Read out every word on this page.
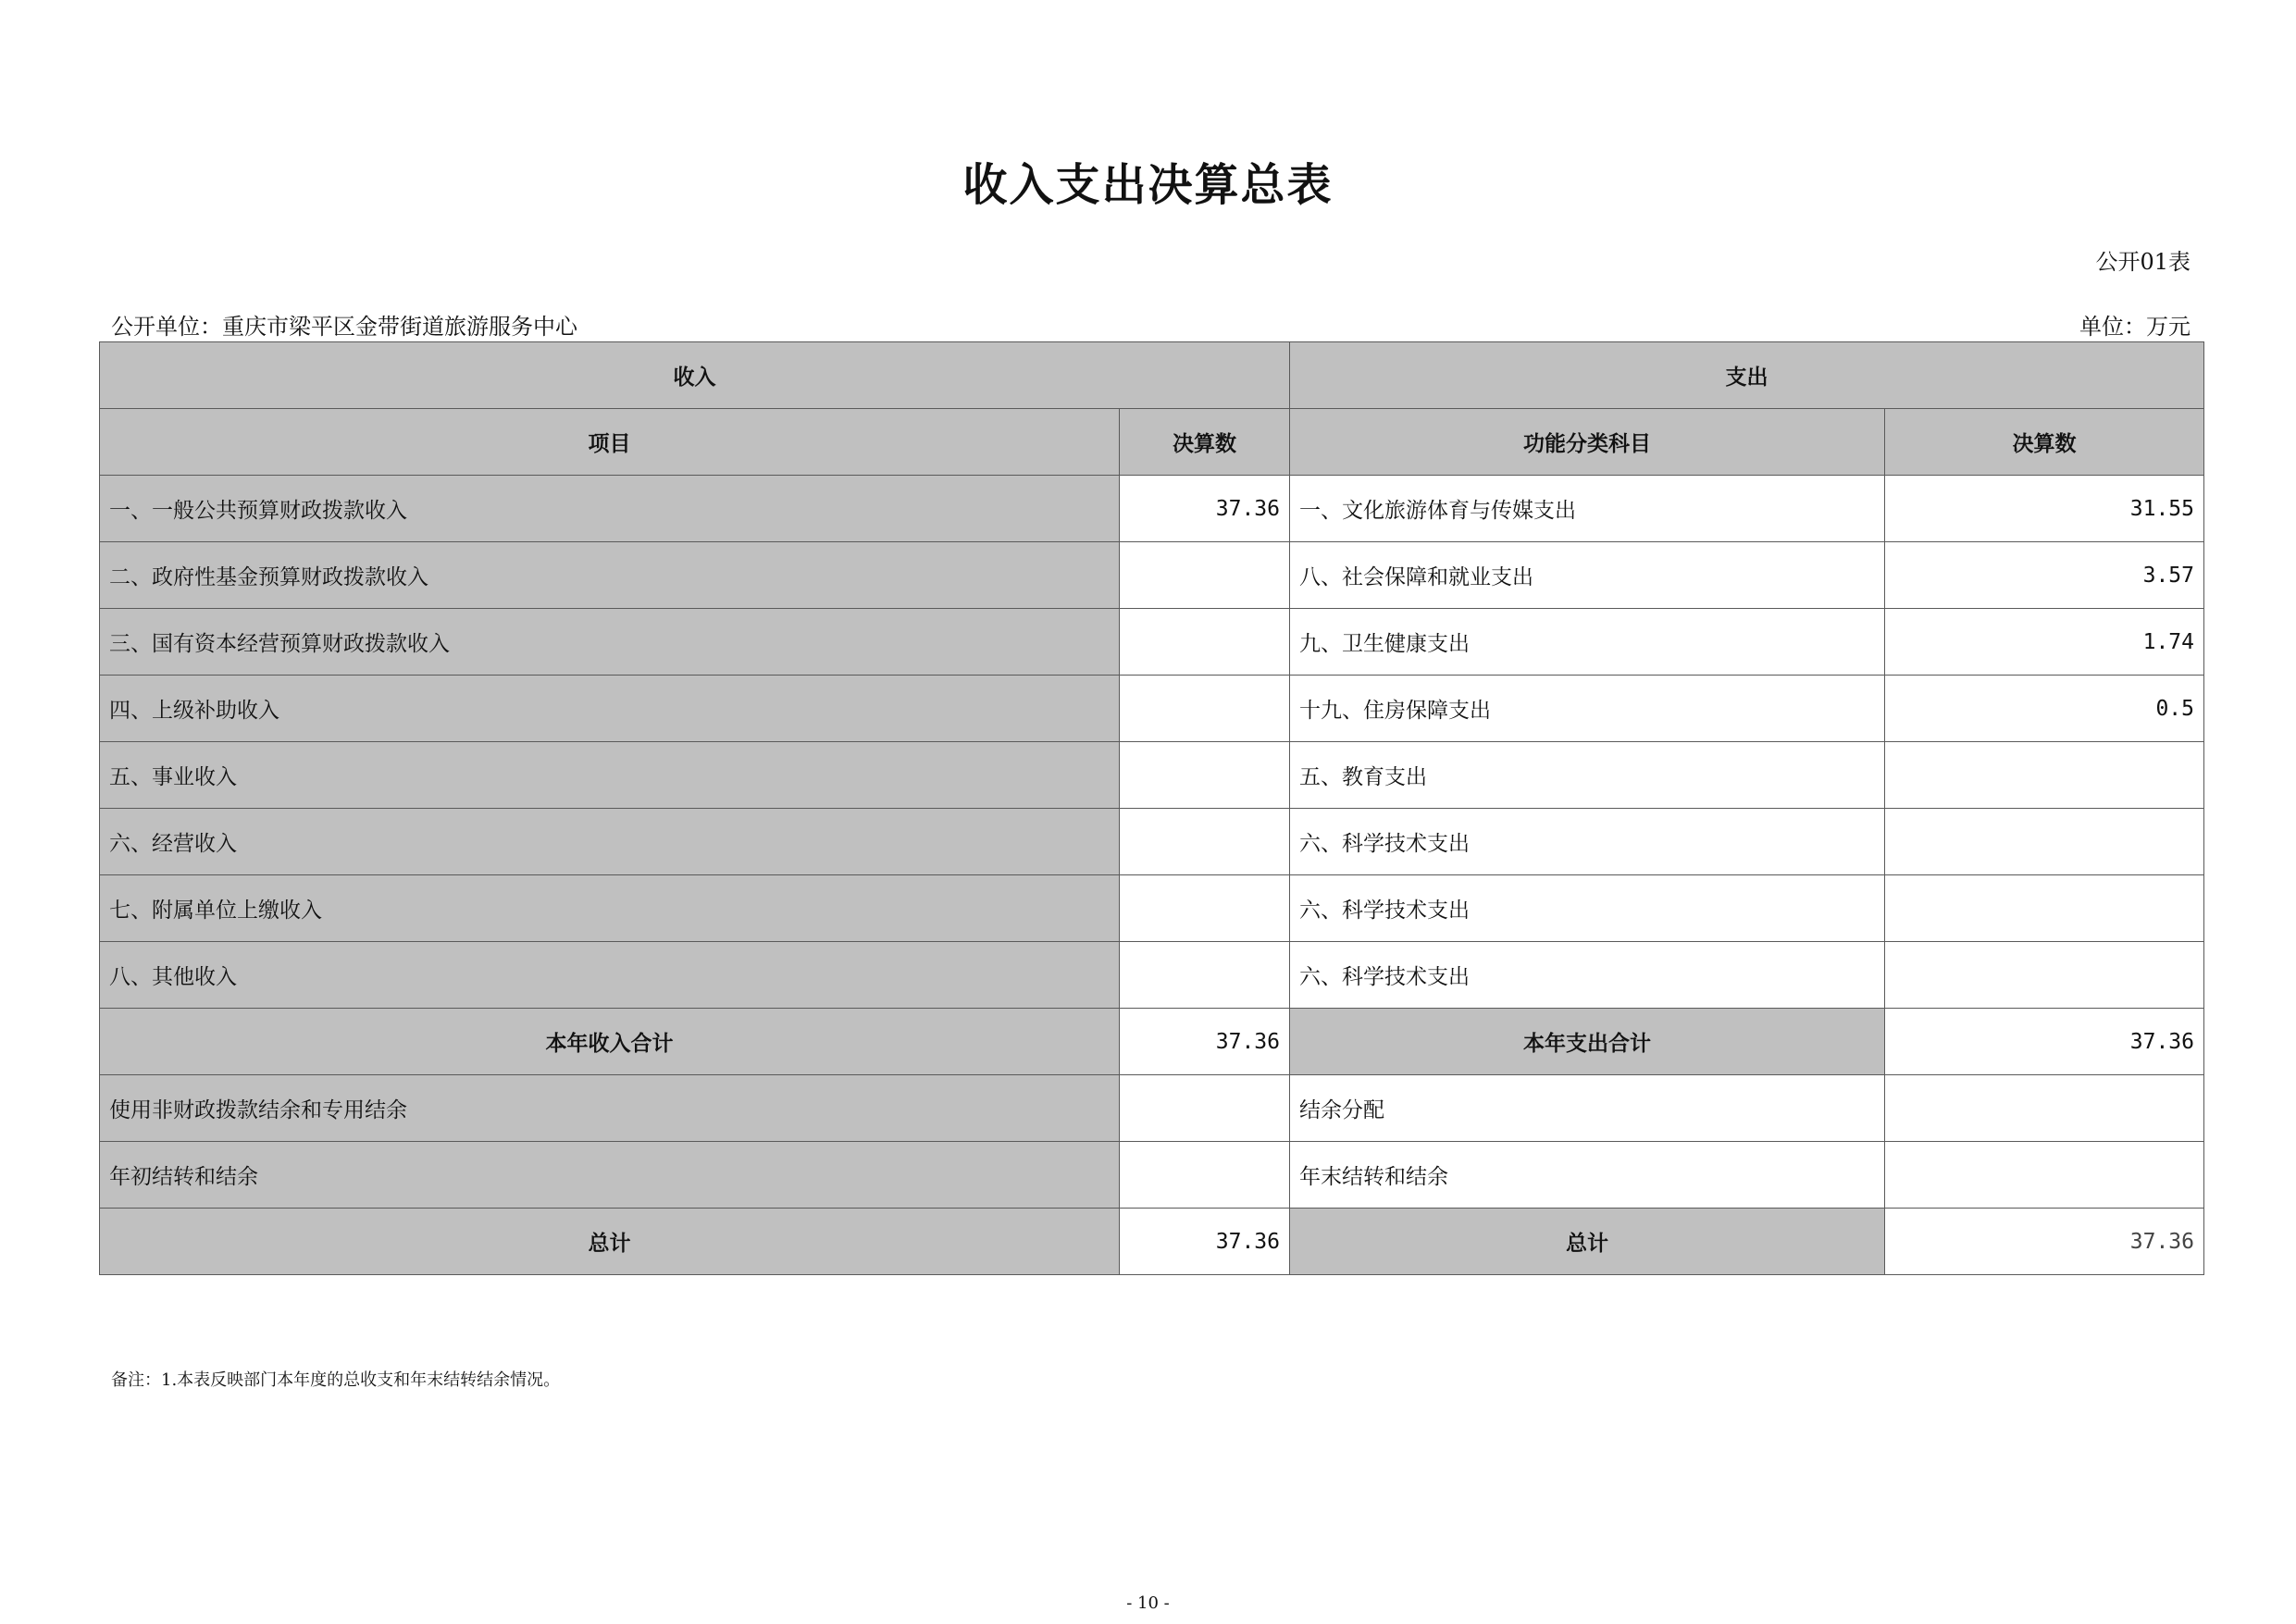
收入支出决算总表
公开01表
公开单位：重庆市梁平区金带街道旅游服务中心	单位：万元
收入		支出	
项目	决算数	功能分类科目	决算数
一、一般公共预算财政拨款收入	37.36	一、文化旅游体育与传媒支出	31.55
二、政府性基金预算财政拨款收入		八、社会保障和就业支出	3.57
三、国有资本经营预算财政拨款收入		九、卫生健康支出	1.74
四、上级补助收入		十九、住房保障支出	0.5
五、事业收入		五、教育支出	
六、经营收入		六、科学技术支出	
七、附属单位上缴收入		六、科学技术支出	
八、其他收入		六、科学技术支出	
本年收入合计	37.36	本年支出合计	37.36
使用非财政拨款结余和专用结余		结余分配	
年初结转和结余		年末结转和结余	
总计	37.36	总计	37.36
备注：1.本表反映部门本年度的总收支和年末结转结余情况。
- 10 -
